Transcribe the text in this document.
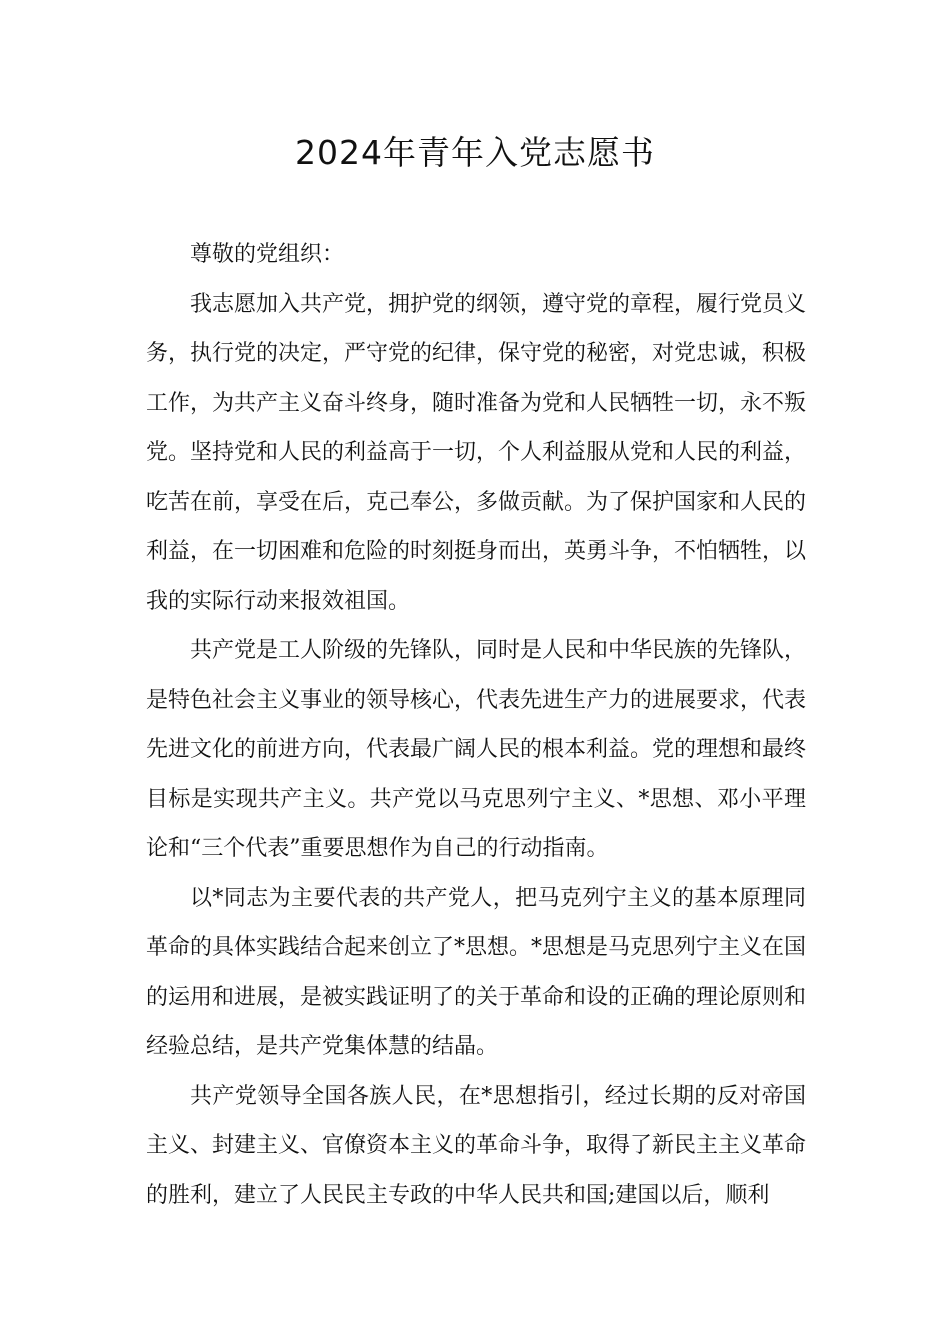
2024年青年入党志愿书

尊敬的党组织：

我志愿加入共产党，拥护党的纲领，遵守党的章程，履行党员义务，执行党的决定，严守党的纪律，保守党的秘密，对党忠诚，积极工作，为共产主义奋斗终身，随时准备为党和人民牺牲一切，永不叛党。坚持党和人民的利益高于一切，个人利益服从党和人民的利益，吃苦在前，享受在后，克己奉公，多做贡献。为了保护国家和人民的利益，在一切困难和危险的时刻挺身而出，英勇斗争，不怕牺牲，以我的实际行动来报效祖国。

共产党是工人阶级的先锋队，同时是人民和中华民族的先锋队，是特色社会主义事业的领导核心，代表先进生产力的进展要求，代表先进文化的前进方向，代表最广阔人民的根本利益。党的理想和最终目标是实现共产主义。共产党以马克思列宁主义、*思想、邓小平理论和“三个代表”重要思想作为自己的行动指南。

以*同志为主要代表的共产党人，把马克列宁主义的基本原理同革命的具体实践结合起来创立了*思想。*思想是马克思列宁主义在国的运用和进展，是被实践证明了的关于革命和设的正确的理论原则和经验总结，是共产党集体慧的结晶。

共产党领导全国各族人民，在*思想指引，经过长期的反对帝国主义、封建主义、官僚资本主义的革命斗争，取得了新民主主义革命的胜利，建立了人民民主专政的中华人民共和国;建国以后，顺利
